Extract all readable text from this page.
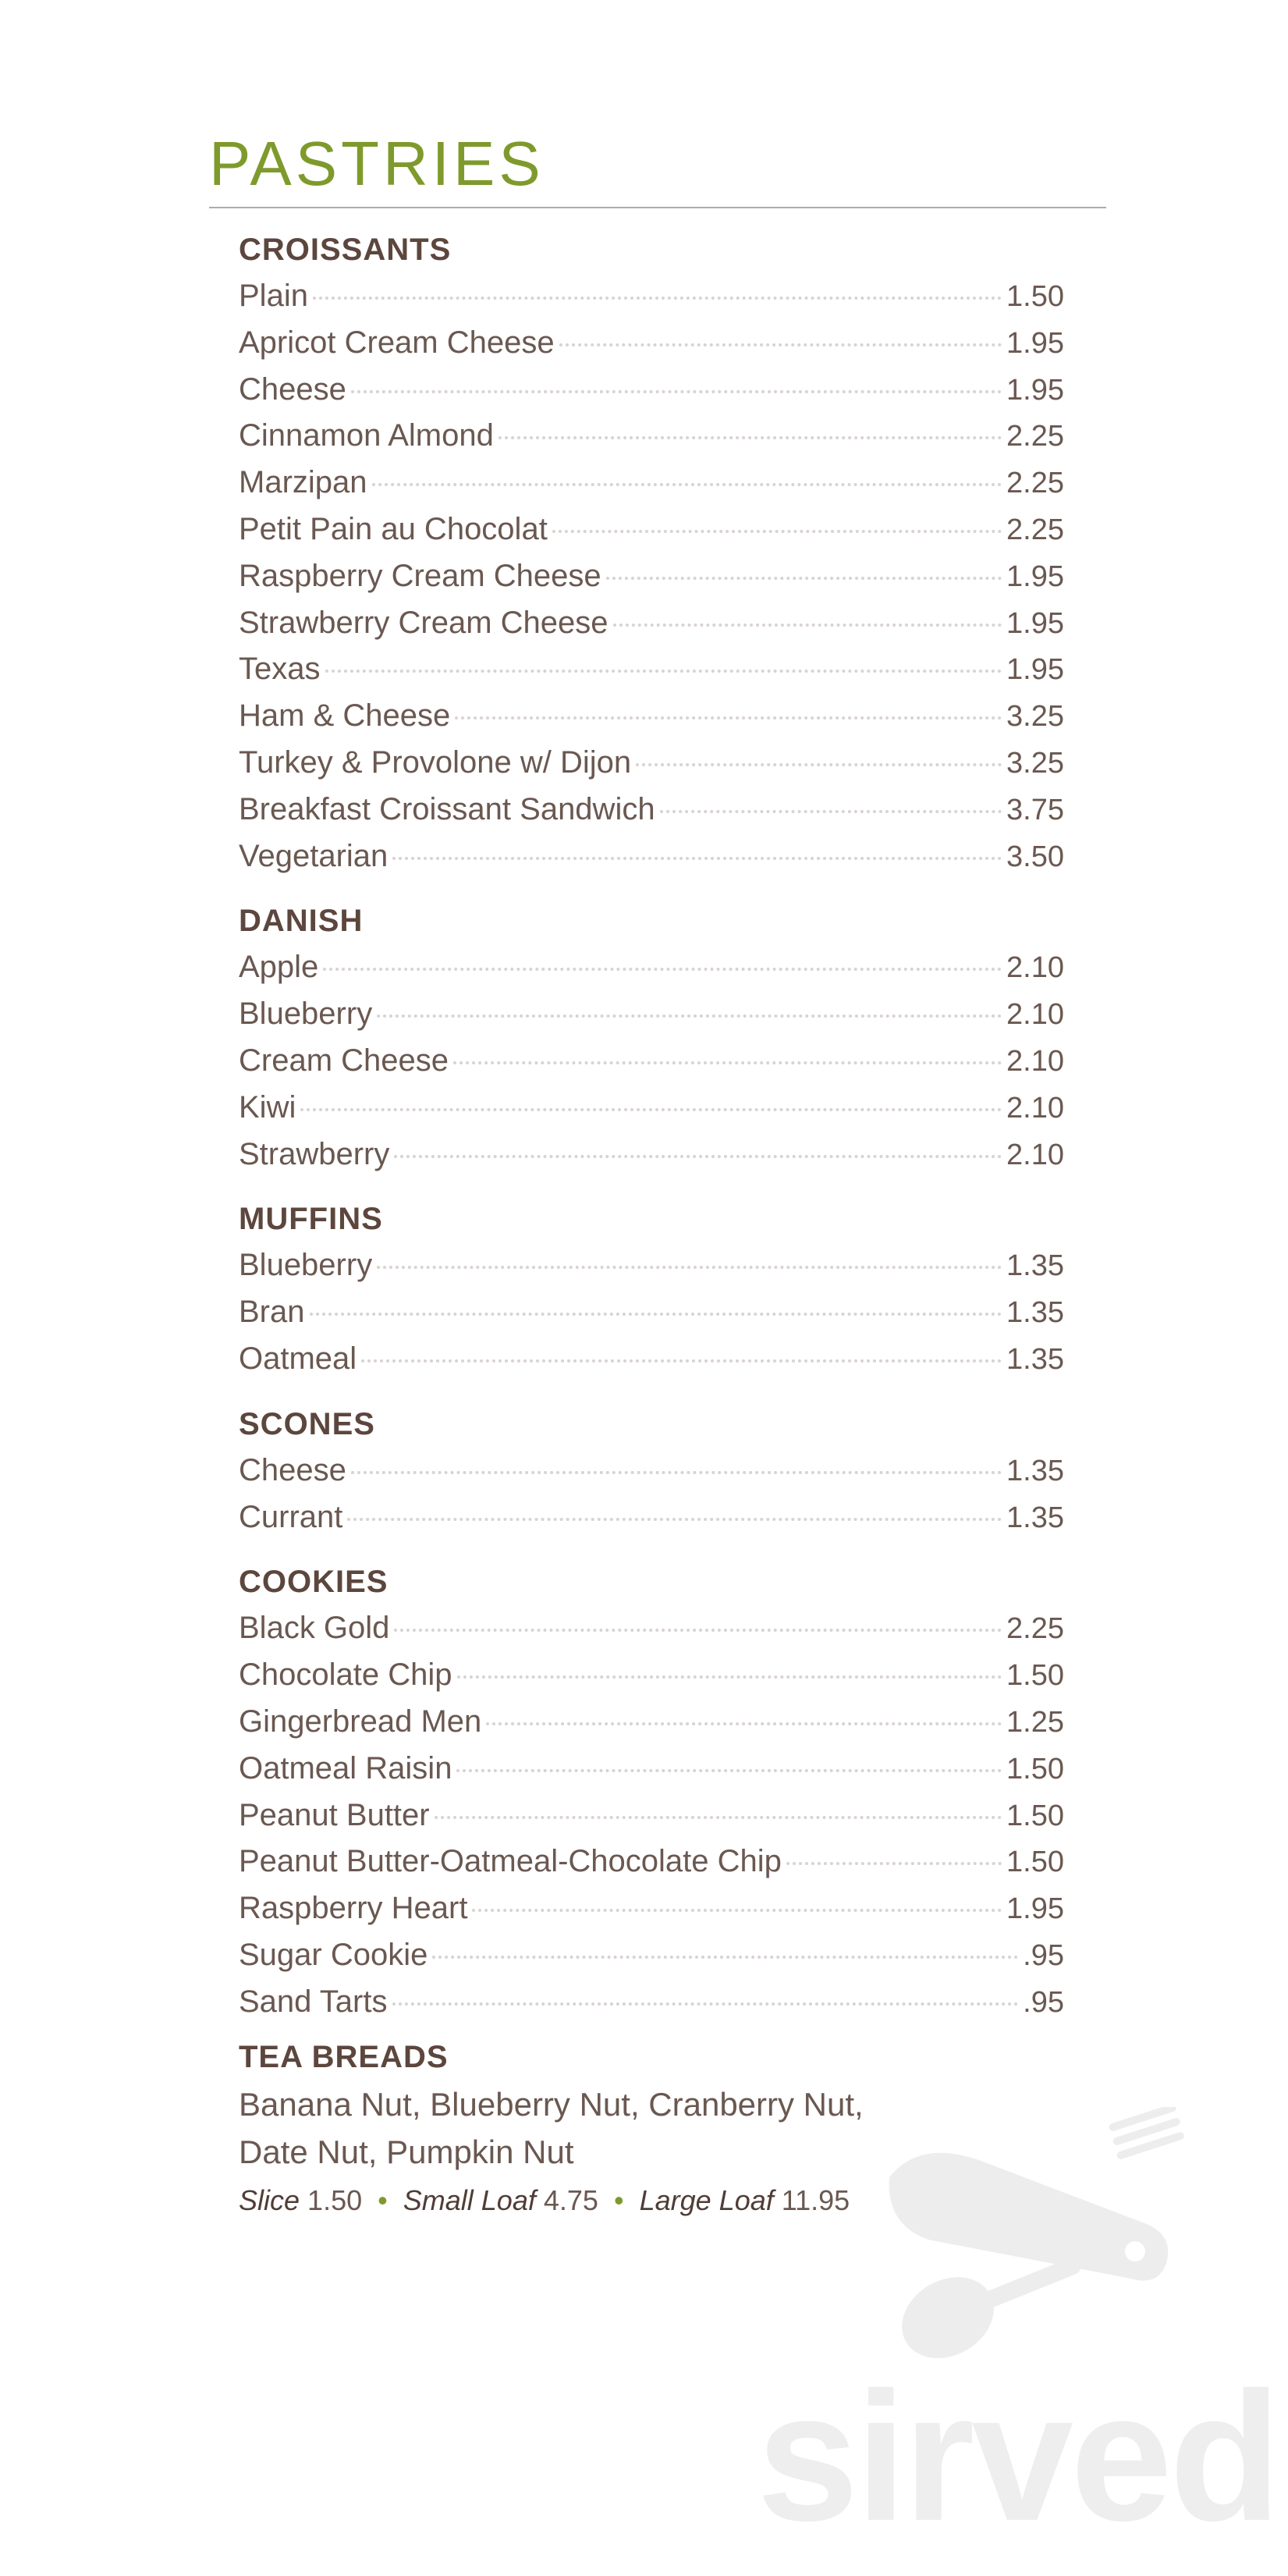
PASTRIES
CROISSANTS
Plain	1.50
Apricot Cream Cheese	1.95
Cheese	1.95
Cinnamon Almond	2.25
Marzipan	2.25
Petit Pain au Chocolat	2.25
Raspberry Cream Cheese	1.95
Strawberry Cream Cheese	1.95
Texas	1.95
Ham & Cheese	3.25
Turkey & Provolone w/ Dijon	3.25
Breakfast Croissant Sandwich	3.75
Vegetarian	3.50
DANISH
Apple	2.10
Blueberry	2.10
Cream Cheese	2.10
Kiwi	2.10
Strawberry	2.10
MUFFINS
Blueberry	1.35
Bran	1.35
Oatmeal	1.35
SCONES
Cheese	1.35
Currant	1.35
COOKIES
Black Gold	2.25
Chocolate Chip	1.50
Gingerbread Men	1.25
Oatmeal Raisin	1.50
Peanut Butter	1.50
Peanut Butter-Oatmeal-Chocolate Chip	1.50
Raspberry Heart	1.95
Sugar Cookie	.95
Sand Tarts	.95
TEA BREADS

Banana Nut, Blueberry Nut, Cranberry Nut, Date Nut, Pumpkin Nut

Slice 1.50 • Small Loaf 4.75 • Large Loaf 11.95
sirved
